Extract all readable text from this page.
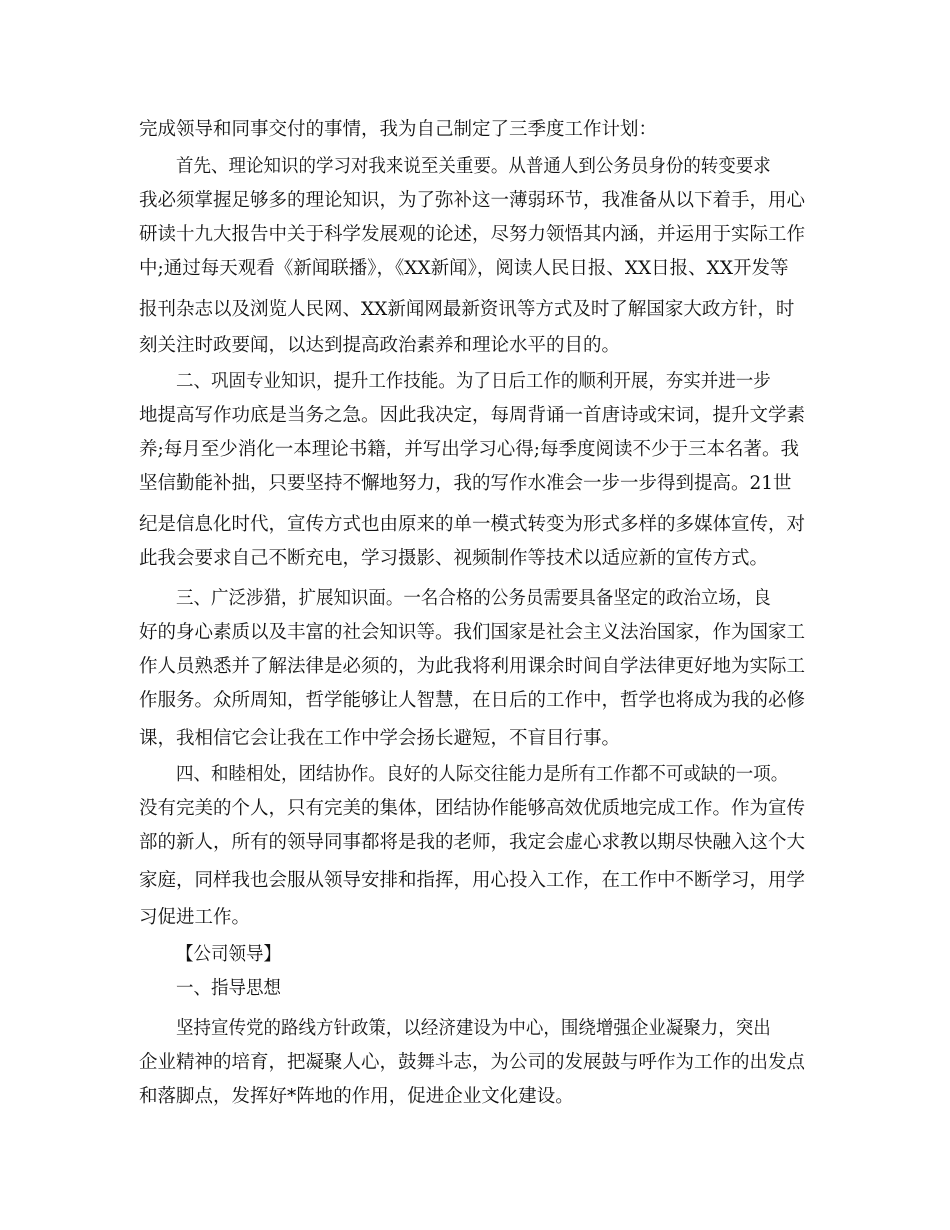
完成领导和同事交付的事情，我为自己制定了三季度工作计划：
首先、理论知识的学习对我来说至关重要。从普通人到公务员身份的转变要求
我必须掌握足够多的理论知识，为了弥补这一薄弱环节，我准备从以下着手，用心
研读十九大报告中关于科学发展观的论述，尽努力领悟其内涵，并运用于实际工作
中;通过每天观看《新闻联播》，《XX新闻》，阅读人民日报、XX日报、XX开发等
报刊杂志以及浏览人民网、XX新闻网最新资讯等方式及时了解国家大政方针，时
刻关注时政要闻，以达到提高政治素养和理论水平的目的。
二、巩固专业知识，提升工作技能。为了日后工作的顺利开展，夯实并进一步
地提高写作功底是当务之急。因此我决定，每周背诵一首唐诗或宋词，提升文学素
养;每月至少消化一本理论书籍，并写出学习心得;每季度阅读不少于三本名著。我
坚信勤能补拙，只要坚持不懈地努力，我的写作水准会一步一步得到提高。21世
纪是信息化时代，宣传方式也由原来的单一模式转变为形式多样的多媒体宣传，对
此我会要求自己不断充电，学习摄影、视频制作等技术以适应新的宣传方式。
三、广泛涉猎，扩展知识面。一名合格的公务员需要具备坚定的政治立场，良
好的身心素质以及丰富的社会知识等。我们国家是社会主义法治国家，作为国家工
作人员熟悉并了解法律是必须的，为此我将利用课余时间自学法律更好地为实际工
作服务。众所周知，哲学能够让人智慧，在日后的工作中，哲学也将成为我的必修
课，我相信它会让我在工作中学会扬长避短，不盲目行事。
四、和睦相处，团结协作。良好的人际交往能力是所有工作都不可或缺的一项。
没有完美的个人，只有完美的集体，团结协作能够高效优质地完成工作。作为宣传
部的新人，所有的领导同事都将是我的老师，我定会虚心求教以期尽快融入这个大
家庭，同样我也会服从领导安排和指挥，用心投入工作，在工作中不断学习，用学
习促进工作。
【公司领导】
一、指导思想
坚持宣传党的路线方针政策，以经济建设为中心，围绕增强企业凝聚力，突出
企业精神的培育，把凝聚人心，鼓舞斗志，为公司的发展鼓与呼作为工作的出发点
和落脚点，发挥好*阵地的作用，促进企业文化建设。
